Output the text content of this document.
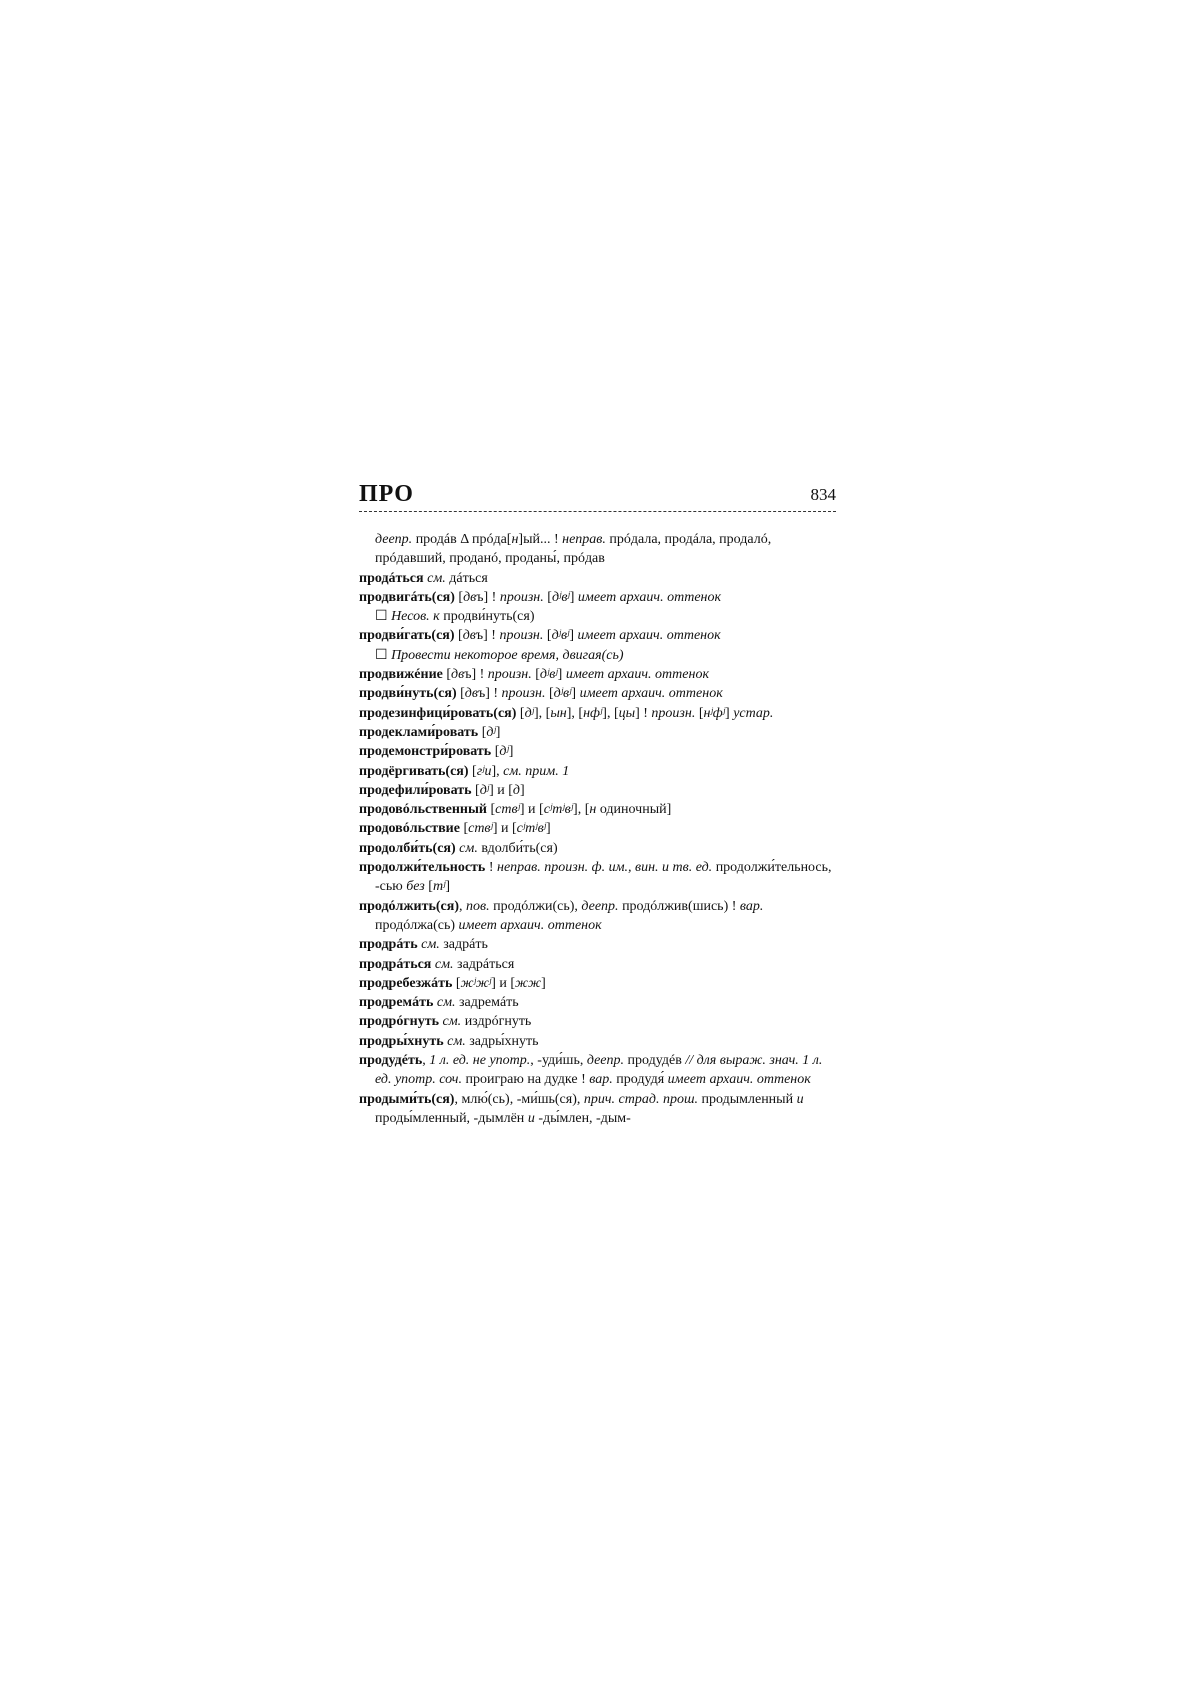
ПРО	834

деепр. продáв Δ прóда[н]ый... ! неправ. прóдала, продáла, продалó, прóдавший, проданó, проданы́, прóдав

продáться см. дáться

продвигáть(ся) [двъ] ! произн. [дʲвʲ] имеет архаич. оттенок

☐ Несов. к продви́нуть(ся)

продви́гать(ся) [двъ] ! произн. [дʲвʲ] имеет архаич. оттенок

☐ Провести некоторое время, двигая(сь)

продвижéние [двъ] ! произн. [дʲвʲ] имеет архаич. оттенок

продви́нуть(ся) [двъ] ! произн. [дʲвʲ] имеет архаич. оттенок

продезинфици́ровать(ся) [дʲ], [ын], [нфʲ], [цы] ! произн. [нʲфʲ] устар.

продеклами́ровать [дʲ]

продемонстри́ровать [дʲ]

продёргивать(ся) [гʲи], см. прим. 1

продефили́ровать [дʲ] и [д]

продовóльственный [ствʲ] и [сʲтʲвʲ], [н одиночный]

продовóльствие [ствʲ] и [сʲтʲвʲ]

продолби́ть(ся) см. вдолби́ть(ся)

продолжи́тельность ! неправ. произн. ф. им., вин. и тв. ед. продолжи́тельнось, -сью без [тʲ]

продóлжить(ся), пов. продóлжи(сь), деепр. продóлжив(шись) ! вар. продóлжа(сь) имеет архаич. оттенок

продрáть см. задрáть

продрáться см. задрáться

продребезжáть [жʲжʲ] и [жж]

продремáть см. задремáть

продрóгнуть см. издрóгнуть

продры́хнуть см. задры́хнуть

продудéть, 1 л. ед. не употр., -уди́шь, деепр. продудéв // для выраж. знач. 1 л. ед. употр. соч. проиграю на дудке ! вар. продудя́ имеет архаич. оттенок

продыми́ть(ся), млю́(сь), -ми́шь(ся), прич. страд. прош. продымленный и проды́мленный, -дымлён и -ды́млен, -дым-
